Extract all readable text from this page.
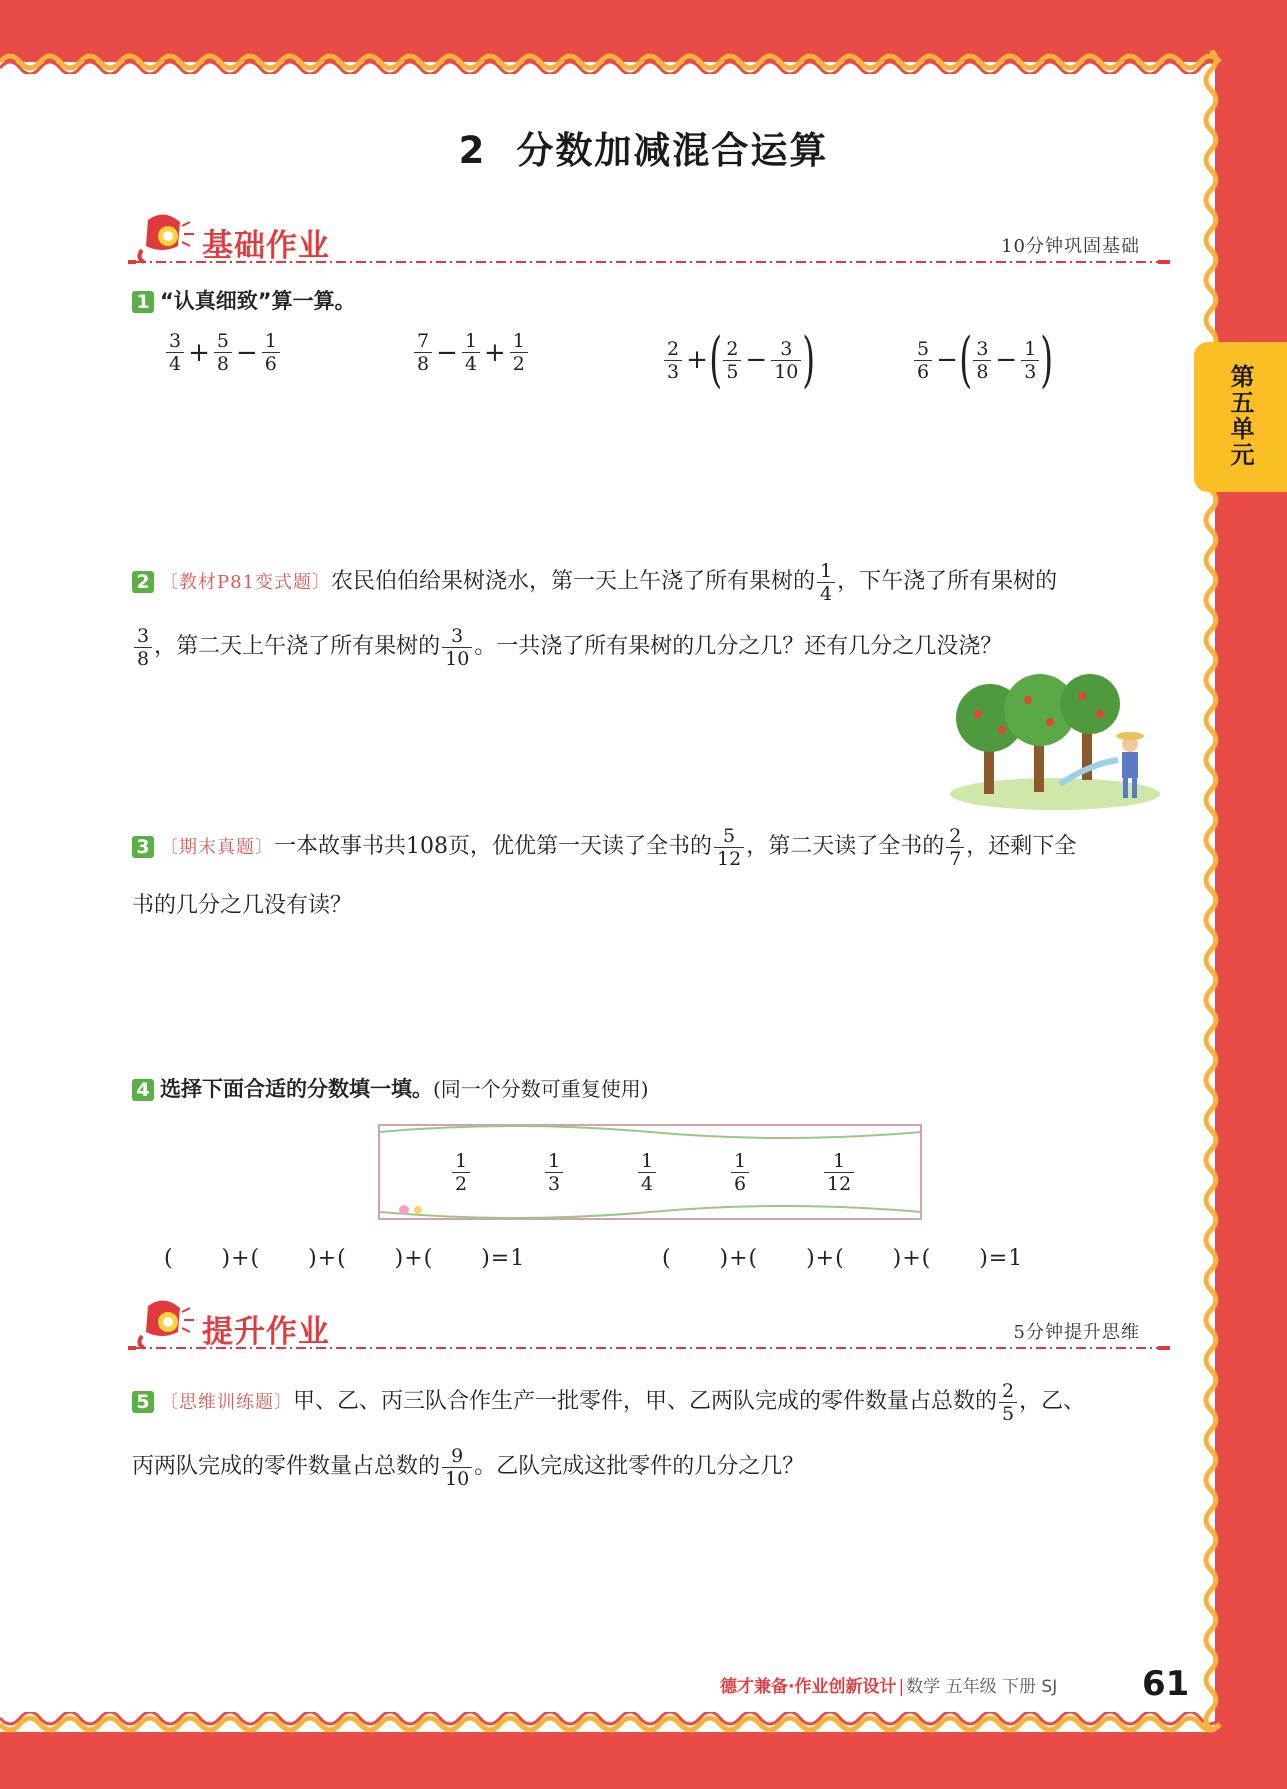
2 分数加减混合运算
第五单元
基础作业	10分钟巩固基础
1 “认真细致”算一算。
$\frac{3}{4} + \frac{5}{8} - \frac{1}{6}$	$\frac{7}{8} - \frac{1}{4} + \frac{1}{2}$	$\frac{2}{3}$ + ( $\frac{2}{5} - \frac{3}{10}$ )	$\frac{5}{6}$ − ( $\frac{3}{8} - \frac{1}{3}$ )
2 〔教材P81变式题〕农民伯伯给果树浇水，第一天上午浇了所有果树的 $\frac{1}{4}$ ，下午浇了所有果树的

$\frac{3}{8}$ ，第二天上午浇了所有果树的 $\frac{3}{10}$ 。一共浇了所有果树的几分之几？还有几分之几没浇？
3 〔期末真题〕一本故事书共108页，优优第一天读了全书的 $\frac{5}{12}$ ，第二天读了全书的 $\frac{2}{7}$ ，还剩下全
书的几分之几没有读？
4 选择下面合适的分数填一填。(同一个分数可重复使用)
$\frac{1}{2}$	$\frac{1}{3}$	$\frac{1}{4}$	$\frac{1}{6}$	$\frac{1}{12}$
(      )+(      )+(      )+(      )=1	(      )+(      )+(      )+(      )=1
提升作业	5分钟提升思维
5 〔思维训练题〕甲、乙、丙三队合作生产一批零件，甲、乙两队完成的零件数量占总数的 $\frac{2}{5}$ ，乙、
丙两队完成的零件数量占总数的 $\frac{9}{10}$ 。乙队完成这批零件的几分之几？
德才兼备·作业创新设计 | 数学 五年级 下册 SJ 61
